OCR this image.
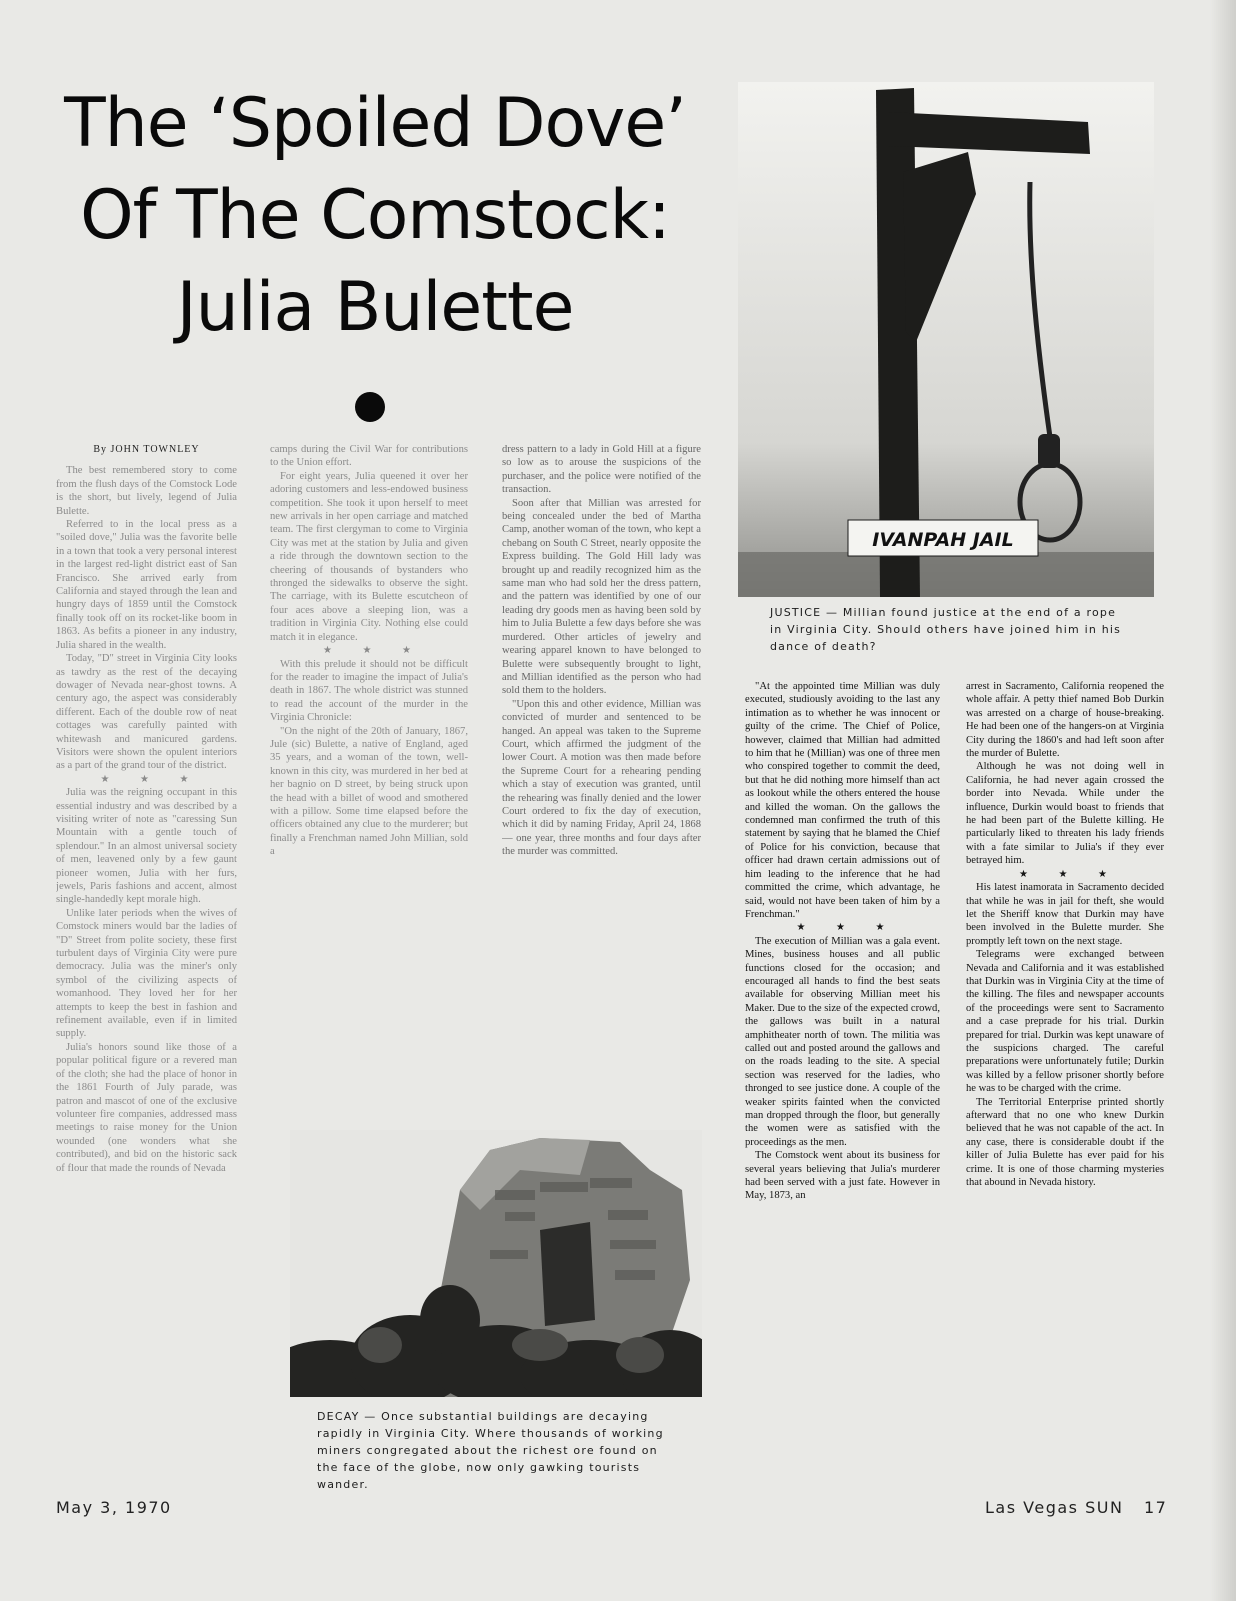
The ‘Spoiled Dove’
Of The Comstock:
Julia Bulette

By JOHN TOWNLEY

The best remembered story to come from the flush days of the Comstock Lode is the short, but lively, legend of Julia Bulette.

Referred to in the local press as a "soiled dove," Julia was the favorite belle in a town that took a very personal interest in the largest red-light district east of San Francisco. She arrived early from California and stayed through the lean and hungry days of 1859 until the Comstock finally took off on its rocket-like boom in 1863. As befits a pioneer in any industry, Julia shared in the wealth.

Today, "D" street in Virginia City looks as tawdry as the rest of the decaying dowager of Nevada near-ghost towns. A century ago, the aspect was considerably different. Each of the double row of neat cottages was carefully painted with whitewash and manicured gardens. Visitors were shown the opulent interiors as a part of the grand tour of the district.

★ ★ ★

Julia was the reigning occupant in this essential industry and was described by a visiting writer of note as "caressing Sun Mountain with a gentle touch of splendour." In an almost universal society of men, leavened only by a few gaunt pioneer women, Julia with her furs, jewels, Paris fashions and accent, almost single-handedly kept morale high.

Unlike later periods when the wives of Comstock miners would bar the ladies of "D" Street from polite society, these first turbulent days of Virginia City were pure democracy. Julia was the miner's only symbol of the civilizing aspects of womanhood. They loved her for her attempts to keep the best in fashion and refinement available, even if in limited supply.

Julia's honors sound like those of a popular political figure or a revered man of the cloth; she had the place of honor in the 1861 Fourth of July parade, was patron and mascot of one of the exclusive volunteer fire companies, addressed mass meetings to raise money for the Union wounded (one wonders what she contributed), and bid on the historic sack of flour that made the rounds of Nevada

camps during the Civil War for contributions to the Union effort.

For eight years, Julia queened it over her adoring customers and less-endowed business competition. She took it upon herself to meet new arrivals in her open carriage and matched team. The first clergyman to come to Virginia City was met at the station by Julia and given a ride through the downtown section to the cheering of thousands of bystanders who thronged the sidewalks to observe the sight. The carriage, with its Bulette escutcheon of four aces above a sleeping lion, was a tradition in Virginia City. Nothing else could match it in elegance.

★ ★ ★

With this prelude it should not be difficult for the reader to imagine the impact of Julia's death in 1867. The whole district was stunned to read the account of the murder in the Virginia Chronicle:

"On the night of the 20th of January, 1867, Jule (sic) Bulette, a native of England, aged 35 years, and a woman of the town, well-known in this city, was murdered in her bed at her bagnio on D street, by being struck upon the head with a billet of wood and smothered with a pillow. Some time elapsed before the officers obtained any clue to the murderer; but finally a Frenchman named John Millian, sold a

dress pattern to a lady in Gold Hill at a figure so low as to arouse the suspicions of the purchaser, and the police were notified of the transaction.

Soon after that Millian was arrested for being concealed under the bed of Martha Camp, another woman of the town, who kept a chebang on South C Street, nearly opposite the Express building. The Gold Hill lady was brought up and readily recognized him as the same man who had sold her the dress pattern, and the pattern was identified by one of our leading dry goods men as having been sold by him to Julia Bulette a few days before she was murdered. Other articles of jewelry and wearing apparel known to have belonged to Bulette were subsequently brought to light, and Millian identified as the person who had sold them to the holders.

"Upon this and other evidence, Millian was convicted of murder and sentenced to be hanged. An appeal was taken to the Supreme Court, which affirmed the judgment of the lower Court. A motion was then made before the Supreme Court for a rehearing pending which a stay of execution was granted, until the rehearing was finally denied and the lower Court ordered to fix the day of execution, which it did by naming Friday, April 24, 1868 — one year, three months and four days after the murder was committed.

IVANPAH JAIL

JUSTICE — Millian found justice at the end of a rope in Virginia City. Should others have joined him in his dance of death?

"At the appointed time Millian was duly executed, studiously avoiding to the last any intimation as to whether he was innocent or guilty of the crime. The Chief of Police, however, claimed that Millian had admitted to him that he (Millian) was one of three men who conspired together to commit the deed, but that he did nothing more himself than act as lookout while the others entered the house and killed the woman. On the gallows the condemned man confirmed the truth of this statement by saying that he blamed the Chief of Police for his conviction, because that officer had drawn certain admissions out of him leading to the inference that he had committed the crime, which advantage, he said, would not have been taken of him by a Frenchman."

★ ★ ★

The execution of Millian was a gala event. Mines, business houses and all public functions closed for the occasion; and encouraged all hands to find the best seats available for observing Millian meet his Maker. Due to the size of the expected crowd, the gallows was built in a natural amphitheater north of town. The militia was called out and posted around the gallows and on the roads leading to the site. A special section was reserved for the ladies, who thronged to see justice done. A couple of the weaker spirits fainted when the convicted man dropped through the floor, but generally the women were as satisfied with the proceedings as the men.

The Comstock went about its business for several years believing that Julia's murderer had been served with a just fate. However in May, 1873, an

arrest in Sacramento, California reopened the whole affair. A petty thief named Bob Durkin was arrested on a charge of house-breaking. He had been one of the hangers-on at Virginia City during the 1860's and had left soon after the murder of Bulette.

Although he was not doing well in California, he had never again crossed the border into Nevada. While under the influence, Durkin would boast to friends that he had been part of the Bulette killing. He particularly liked to threaten his lady friends with a fate similar to Julia's if they ever betrayed him.

★ ★ ★

His latest inamorata in Sacramento decided that while he was in jail for theft, she would let the Sheriff know that Durkin may have been involved in the Bulette murder. She promptly left town on the next stage.

Telegrams were exchanged between Nevada and California and it was established that Durkin was in Virginia City at the time of the killing. The files and newspaper accounts of the proceedings were sent to Sacramento and a case preprade for his trial. Durkin prepared for trial. Durkin was kept unaware of the suspicions charged. The careful preparations were unfortunately futile; Durkin was killed by a fellow prisoner shortly before he was to be charged with the crime.

The Territorial Enterprise printed shortly afterward that no one who knew Durkin believed that he was not capable of the act. In any case, there is considerable doubt if the killer of Julia Bulette has ever paid for his crime. It is one of those charming mysteries that abound in Nevada history.

DECAY — Once substantial buildings are decaying rapidly in Virginia City. Where thousands of working miners congregated about the richest ore found on the face of the globe, now only gawking tourists wander.

May 3, 1970	Las Vegas SUN 17
